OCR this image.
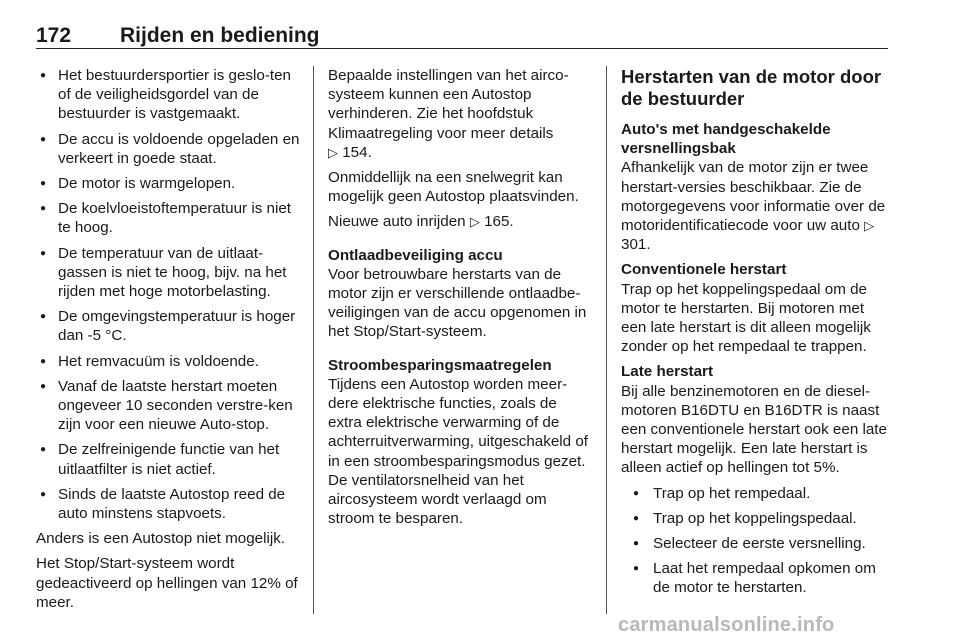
172 Rijden en bediening
● Het bestuurdersportier is geslo-ten of de veiligheidsgordel van de bestuurder is vastgemaakt.
● De accu is voldoende opgeladen en verkeert in goede staat.
● De motor is warmgelopen.
● De koelvloeistoftemperatuur is niet te hoog.
● De temperatuur van de uitlaat-gassen is niet te hoog, bijv. na het rijden met hoge motorbelasting.
● De omgevingstemperatuur is hoger dan -5 °C.
● Het remvacuüm is voldoende.
● Vanaf de laatste herstart moeten ongeveer 10 seconden verstre-ken zijn voor een nieuwe Auto-stop.
● De zelfreinigende functie van het uitlaatfilter is niet actief.
● Sinds de laatste Autostop reed de auto minstens stapvoets.

Anders is een Autostop niet mogelijk.

Het Stop/Start-systeem wordt gedeactiveerd op hellingen van 12% of meer.

Bepaalde instellingen van het airco-systeem kunnen een Autostop verhinderen. Zie het hoofdstuk Klimaatregeling voor meer details
▷ 154.

Onmiddellijk na een snelwegrit kan mogelijk geen Autostop plaatsvinden.

Nieuwe auto inrijden ▷ 165.

Ontlaadbeveiliging accu

Voor betrouwbare herstarts van de motor zijn er verschillende ontlaadbe-veiligingen van de accu opgenomen in het Stop/Start-systeem.

Stroombesparingsmaatregelen

Tijdens een Autostop worden meer-dere elektrische functies, zoals de extra elektrische verwarming of de achterruitverwarming, uitgeschakeld of in een stroombesparingsmodus gezet. De ventilatorsnelheid van het aircosysteem wordt verlaagd om stroom te besparen.

Herstarten van de motor door de bestuurder

Auto's met handgeschakelde versnellingsbak

Afhankelijk van de motor zijn er twee herstart-versies beschikbaar. Zie de motorgegevens voor informatie over de motoridentificatiecode voor uw auto ▷ 301.

Conventionele herstart

Trap op het koppelingspedaal om de motor te herstarten. Bij motoren met een late herstart is dit alleen mogelijk zonder op het rempedaal te trappen.

Late herstart

Bij alle benzinemotoren en de diesel-motoren B16DTU en B16DTR is naast een conventionele herstart ook een late herstart mogelijk. Een late herstart is alleen actief op hellingen tot 5%.

● Trap op het rempedaal.
● Trap op het koppelingspedaal.
● Selecteer de eerste versnelling.
● Laat het rempedaal opkomen om de motor te herstarten.
carmanualsonline.info
